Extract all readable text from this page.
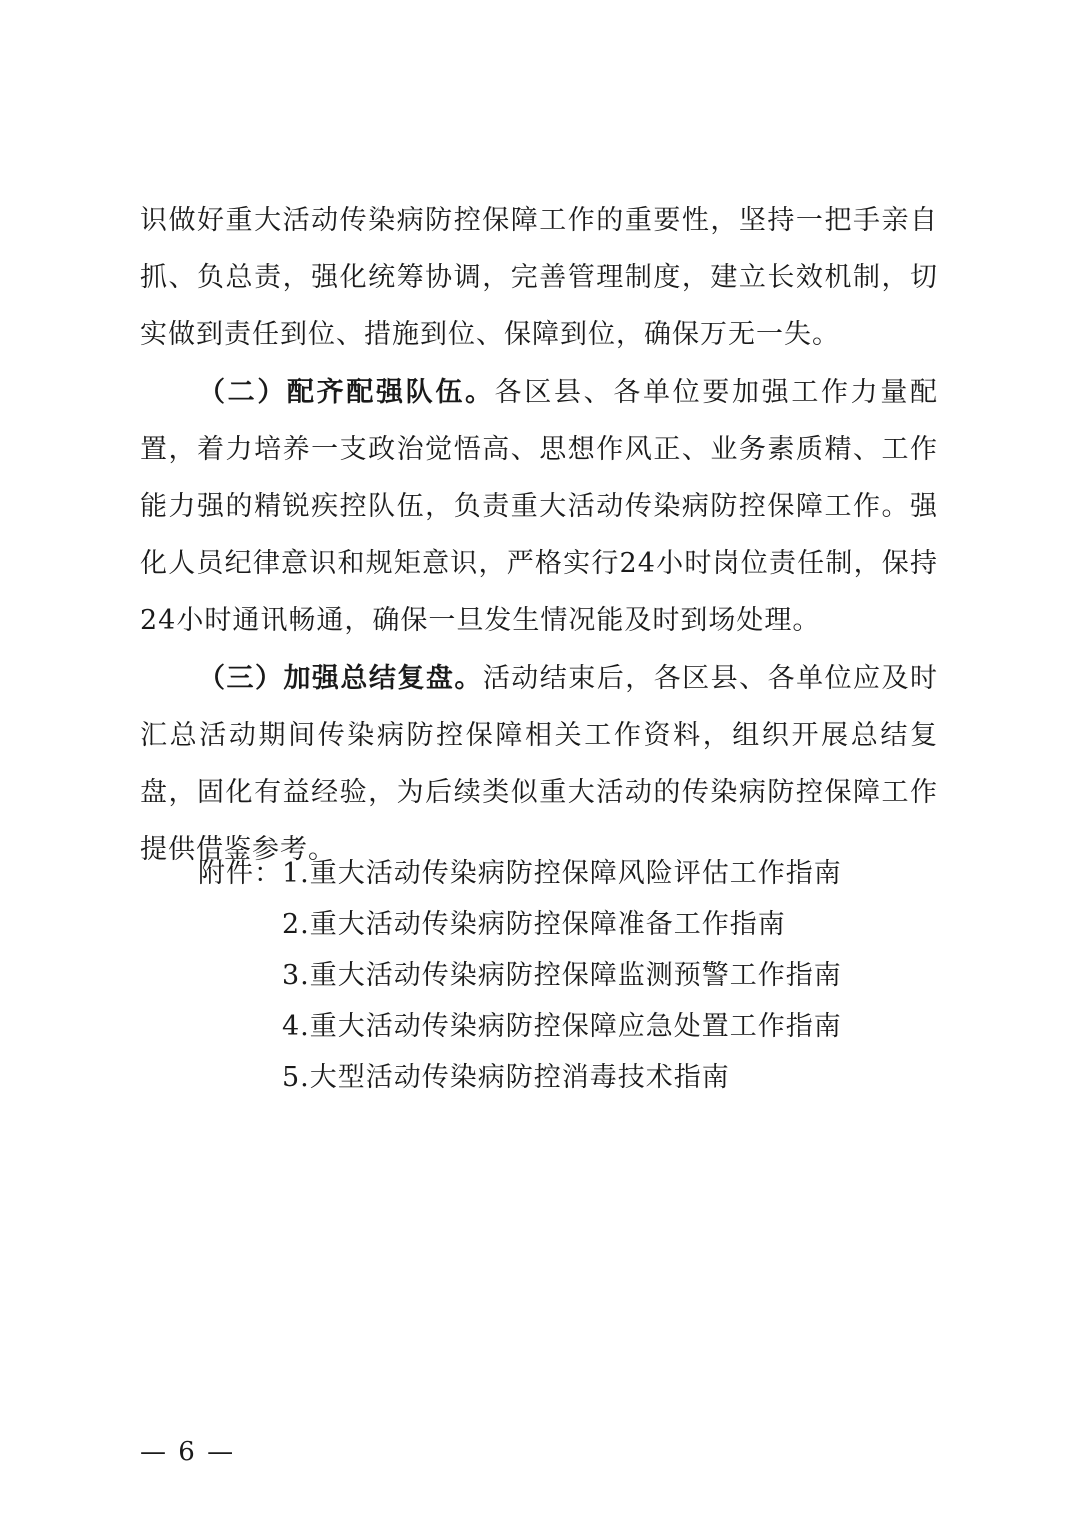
识做好重大活动传染病防控保障工作的重要性，坚持一把手亲自抓、负总责，强化统筹协调，完善管理制度，建立长效机制，切实做到责任到位、措施到位、保障到位，确保万无一失。

（二）配齐配强队伍。各区县、各单位要加强工作力量配置，着力培养一支政治觉悟高、思想作风正、业务素质精、工作能力强的精锐疾控队伍，负责重大活动传染病防控保障工作。强化人员纪律意识和规矩意识，严格实行24小时岗位责任制，保持24小时通讯畅通，确保一旦发生情况能及时到场处理。

（三）加强总结复盘。活动结束后，各区县、各单位应及时汇总活动期间传染病防控保障相关工作资料，组织开展总结复盘，固化有益经验，为后续类似重大活动的传染病防控保障工作提供借鉴参考。

附件： 1.重大活动传染病防控保障风险评估工作指南
2.重大活动传染病防控保障准备工作指南
3.重大活动传染病防控保障监测预警工作指南
4.重大活动传染病防控保障应急处置工作指南
5.大型活动传染病防控消毒技术指南
— 6 —
